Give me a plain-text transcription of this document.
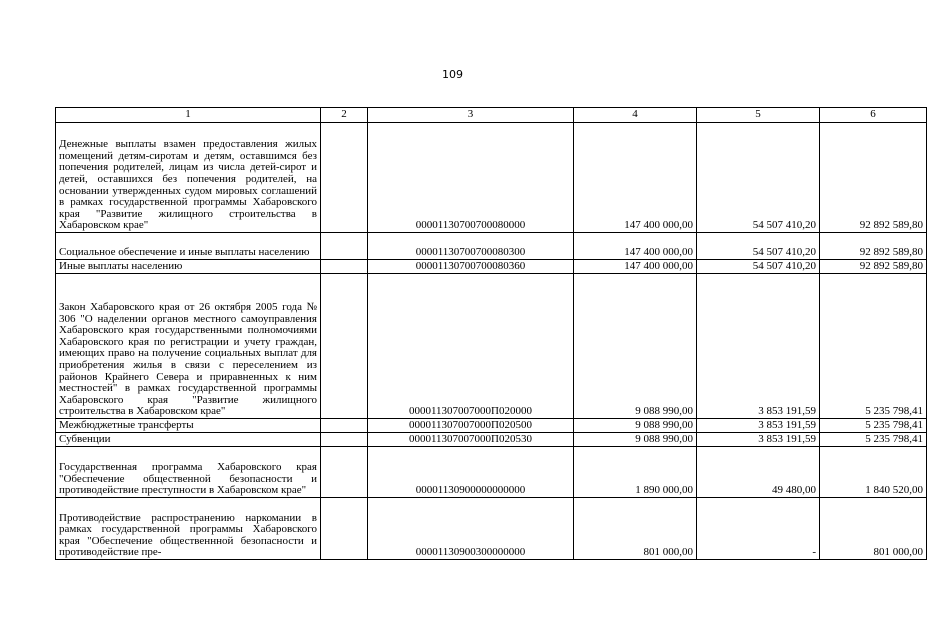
109
1	2	3	4	5	6
Денежные выплаты взамен предоставления жилых помещений детям-сиротам и детям, оставшимся без попечения родителей, лицам из числа детей-сирот и детей, оставшихся без попечения родителей, на основании утвержденных судом мировых соглашений в рамках государственной программы Хабаровского края "Развитие жилищного строительства в Хабаровском крае"		00001130700700080000	147 400 000,00	54 507 410,20	92 892 589,80
Социальное обеспечение и иные выплаты населению		00001130700700080300	147 400 000,00	54 507 410,20	92 892 589,80
Иные выплаты населению		00001130700700080360	147 400 000,00	54 507 410,20	92 892 589,80
Закон Хабаровского края от 26 октября 2005 года № 306 "О наделении органов местного самоуправления Хабаровского края государственными полномочиями Хабаровского края по регистрации и учету граждан, имеющих право на получение социальных выплат для приобретения жилья в связи с переселением из районов Крайнего Севера и приравненных к ним местностей" в рамках государственной программы Хабаровского края "Развитие жилищного строительства в Хабаровском крае"		000011307007000П020000	9 088 990,00	3 853 191,59	5 235 798,41
Межбюджетные трансферты		000011307007000П020500	9 088 990,00	3 853 191,59	5 235 798,41
Субвенции		000011307007000П020530	9 088 990,00	3 853 191,59	5 235 798,41
Государственная программа Хабаровского края "Обеспечение общественной безопасности и противодействие преступности в Хабаровском крае"		00001130900000000000	1 890 000,00	49 480,00	1 840 520,00
Противодействие распространению наркомании в рамках государственной программы Хабаровского края "Обеспечение общественнной безопасности и противодействие пре-		00001130900300000000	801 000,00	-	801 000,00
